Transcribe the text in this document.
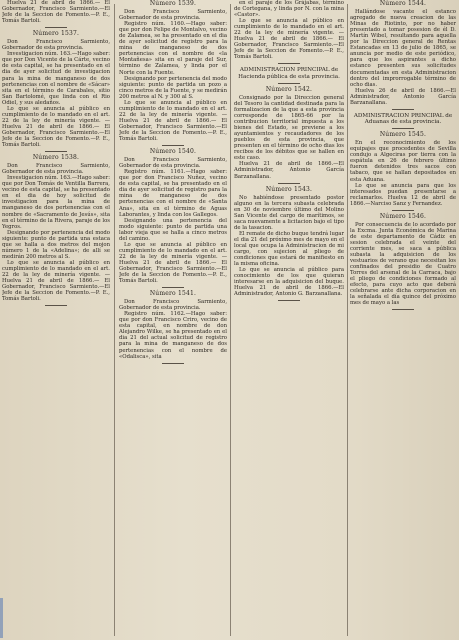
Huelva 21 de abril de 1866.— El Gobernador, Francisco Sarmiento.—El Jefe de la Seccion de Fomento.—P. E., Tomás Bartoli.

Número 1537.

Don Francisco Sarmiento, Gobernador de esta provincia.

Investigacion núm. 163.—Hago saber: que por Don Vicente de la Cárte, vecino de esta capital, se ha presentado en el dia de ayer solicitud de investigacion para la mina de manganeso de dos pertenencias con el nombre de «Sácar» sita en el término de Carabales, sitio San Bartolomé, que linda con el Rio Odiel, y sus aledaños.

Lo que se anuncia al público en cumplimiento de lo mandado en el art. 22 de la ley de minería vigente. —Huelva 21 de abril de 1866.— El Gobernador, Francisco Sarmiento.—El Jefe de la Seccion de Fomento.—P. E., Tomás Bartoli.

Número 1538.

Don Francisco Sarmiento, Gobernador de esta provincia.

Investigacion núm. 163.—Hago saber: que por Don Tomás de Ventilla Barrera, vecino de esta capital, se ha presentado en el dia de hoy solicitud de investigacion para la mina de manganeso de dos pertenencias con el nombre de «Sacramento de Jesús», sita en el término de la Rivera, paraje de los Yegros.

Designando por pertenencia del modo siguiente: punto de partida una estaca que se halla a dos metros del mojon número 1 de la «Adelina»; de allí se medirán 200 metros al S.

Lo que se anuncia al público en cumplimiento de lo mandado en el art. 22 de la ley de minería vigente. —Huelva 21 de abril de 1866.— El Gobernador, Francisco Sarmiento.—El Jefe de la Seccion de Fomento.—P. E., Tomás Bartoli.

Número 1539.

Don Francisco Sarmiento, Gobernador de esta provincia.

Registro núm. 1160.—Hago saber: que por don Felipe de Montalvo, vecino de Zalamea, se ha presentado en el dia de ayer solicitud de registro para la mina de manganeso de dos pertenencias con el nombre de «la Montañesa» sita en el paraje del Sur, término de Zalamea, y linda por el Norte con la Fuente.

Designando por pertenencia del modo siguiente: punto de partida un pozo a cinco metros de la Fuente, y se medirán 200 metros al N. y 300 al S.

Lo que se anuncia al público en cumplimiento de lo mandado en el art. 22 de la ley de minería vigente. —Huelva 21 de abril de 1866.— El Gobernador, Francisco Sarmiento.—El Jefe de la Seccion de Fomento.—P. E., Tomás Bartoli.

Número 1540.

Don Francisco Sarmiento, Gobernador de esta provincia.

Registro núm. 1161.—Hago saber: que por don Francisco Nuñez, vecino de esta capital, se ha presentado en el dia de ayer solicitud de registro para la mina de manganeso de dos pertenencias con el nombre de «Santa Ana», sita en el término de Aguas Laborantes, y linda con los Gallegos.

Designando una pertenencia del modo siguiente: punto de partida una labor vieja que se halla a cinco metros del camino.

Lo que se anuncia al público en cumplimiento de lo mandado en el art. 22 de la ley de minería vigente. —Huelva 21 de abril de 1866.— El Gobernador, Francisco Sarmiento.—El Jefe de la Seccion de Fomento.—P. E., Tomás Bartoli.

Número 1541.

Don Francisco Sarmiento, Gobernador de esta provincia.

Registro núm. 1162.—Hago saber: que por don Francisco Criro, vecino de esta capital, en nombre de don Alejandro Wilke, se ha presentado en el dia 21 del actual solicitud de registro para la mina de manganeso de dos pertenencias con el nombre de «Odalisca», sita

en el paraje de los Grájabas, término de Cortegana, y linda por N. con la mina «Castor».

Lo que se anuncia al público en cumplimiento de lo mandado en el art. 22 de la ley de minería vigente. —Huelva 21 de abril de 1866.— El Gobernador, Francisco Sarmiento.—El Jefe de la Seccion de Fomento.—P. E., Tomás Bartoli.

ADMINISTRACION PRINCIPAL de Hacienda pública de esta provincia.

Número 1542.

Consignado por la Direccion general del Tesoro la cantidad destinada para la formalizacion de la que a esta provincia corresponde de 1865-66 por la contribucion territorial impuesta a los bienes del Estado, se previene a los ayuntamientos y recaudadores de los pueblos de esta provincia, que presenten en el término de ocho dias los recibos de los débitos que se hallen en este caso.

Huelva 21 de abril de 1866.—El Administrador, Antonio García Barzanallana.

Número 1543.

No habiéndose presentado postor alguno en la tercera subasta celebrada en 30 de noviembre último del Molino San Vicente del cargo de marítimos, se saca nuevamente a licitacion bajo el tipo de la tasacion.

El remate de dicho buque tendrá lugar el dia 21 del próximo mes de mayo en el local que ocupa la Administracion de mi cargo, con sujecion al pliego de condiciones que estará de manifiesto en la misma oficina.

Lo que se anuncia al público para conocimiento de los que quieran interesarse en la adquisicion del buque. Huelva 21 de abril de 1866.—El Administrador, Antonio G. Barzanallana.

Número 1544.

Hallándose vacante el estanco agregado de nueva creacion de las Minas de Riotinto, por no haber presentado a tomar posesion de él D. Martín Wibel, resultando para aquella por la Direccion general de Rentas Estancadas en 13 de julio de 1865, se anuncia por medio de este periódico, para que los aspirantes a dicho estanco presenten sus solicitudes documentadas en esta Administracion dentro del improrrogable término de ocho dias.

Huelva 26 de abril de 1866.—El Administrador, Antonio García Barzanallana.

ADMINISTRACION PRINCIPAL de Aduanas de esta provincia.

Número 1545.

En el reconocimiento de los equipajes que procedentes de Sevilla condujo a Algeciras por tierra con la espátula en 26 de febrero último fueron detenidos tres sacos con tabaco, que se hallan depositados en esta Aduana.

Lo que se anuncia para que los interesados puedan presentarse a reclamarlos. Huelva 12 de abril de 1866.—Narciso Sanz y Fernandez.

Número 1546.

Por consecuencia de lo acordado por la Excma. Junta Económica de Marina de este departamento de Cádiz en sesion celebrada el veinte del corriente mes, se saca a pública subasta la adquisicion de los vestuarios de verano que necesitan los confinados del presidio de Cuatro Torres del arsenal de la Carraca, bajo el pliego de condiciones formado al efecto, para cuyo acto que deberá celebrarse ante dicha corporacion en la señalada el día quince del próximo mes de mayo a las
